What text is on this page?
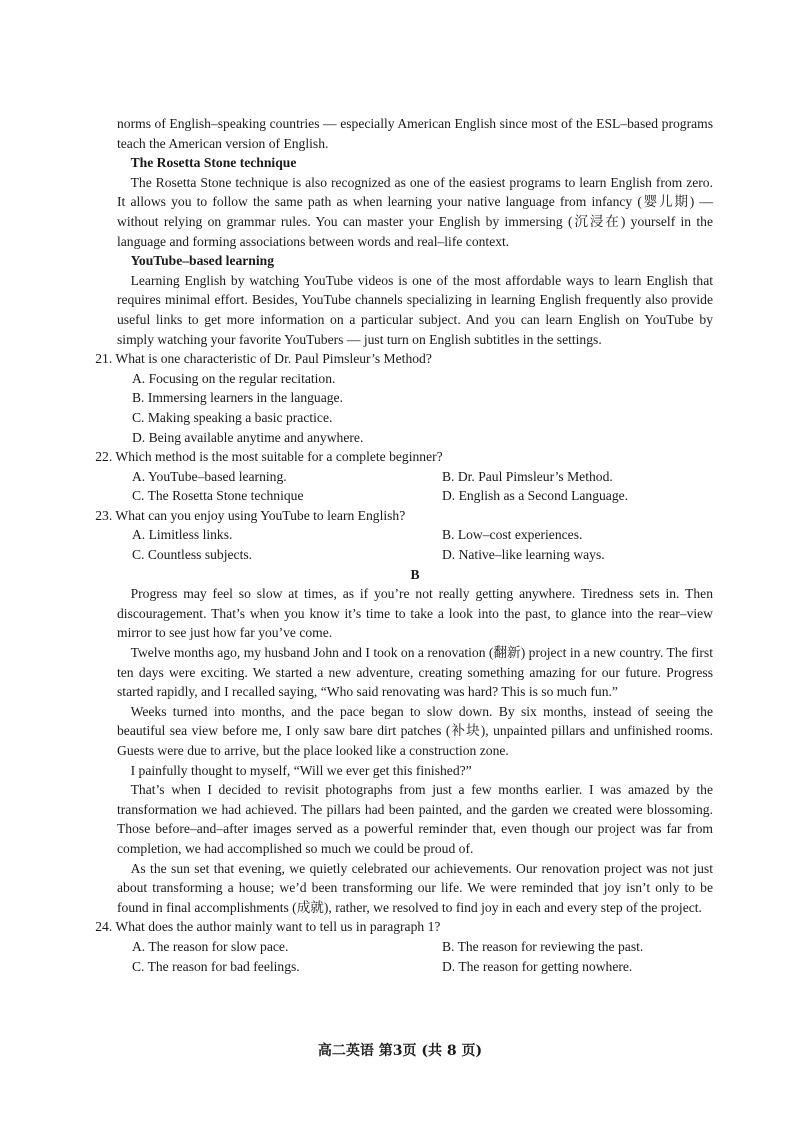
norms of English–speaking countries — especially American English since most of the ESL–based programs teach the American version of English.

The Rosetta Stone technique

The Rosetta Stone technique is also recognized as one of the easiest programs to learn English from zero. It allows you to follow the same path as when learning your native language from infancy (婴儿期) — without relying on grammar rules. You can master your English by immersing (沉浸在) yourself in the language and forming associations between words and real–life context.

YouTube–based learning

Learning English by watching YouTube videos is one of the most affordable ways to learn English that requires minimal effort. Besides, YouTube channels specializing in learning English frequently also provide useful links to get more information on a particular subject. And you can learn English on YouTube by simply watching your favorite YouTubers — just turn on English subtitles in the settings.

21. What is one characteristic of Dr. Paul Pimsleur’s Method?

A. Focusing on the regular recitation.

B. Immersing learners in the language.

C. Making speaking a basic practice.

D. Being available anytime and anywhere.

22. Which method is the most suitable for a complete beginner?

A. YouTube–based learning.	B. Dr. Paul Pimsleur’s Method.
C. The Rosetta Stone technique	D. English as a Second Language.

23. What can you enjoy using YouTube to learn English?

A. Limitless links.	B. Low–cost experiences.
C. Countless subjects.	D. Native–like learning ways.

B

Progress may feel so slow at times, as if you’re not really getting anywhere. Tiredness sets in. Then discouragement. That’s when you know it’s time to take a look into the past, to glance into the rear–view mirror to see just how far you’ve come.

Twelve months ago, my husband John and I took on a renovation (翻新) project in a new country. The first ten days were exciting. We started a new adventure, creating something amazing for our future. Progress started rapidly, and I recalled saying, “Who said renovating was hard? This is so much fun.”

Weeks turned into months, and the pace began to slow down. By six months, instead of seeing the beautiful sea view before me, I only saw bare dirt patches (补块), unpainted pillars and unfinished rooms. Guests were due to arrive, but the place looked like a construction zone.

I painfully thought to myself, “Will we ever get this finished?”

That’s when I decided to revisit photographs from just a few months earlier. I was amazed by the transformation we had achieved. The pillars had been painted, and the garden we created were blossoming. Those before–and–after images served as a powerful reminder that, even though our project was far from completion, we had accomplished so much we could be proud of.

As the sun set that evening, we quietly celebrated our achievements. Our renovation project was not just about transforming a house; we’d been transforming our life. We were reminded that joy isn’t only to be found in final accomplishments (成就), rather, we resolved to find joy in each and every step of the project.

24. What does the author mainly want to tell us in paragraph 1?

A. The reason for slow pace.	B. The reason for reviewing the past.
C. The reason for bad feelings.	D. The reason for getting nowhere.
高二英语 第3页 (共 8 页)
